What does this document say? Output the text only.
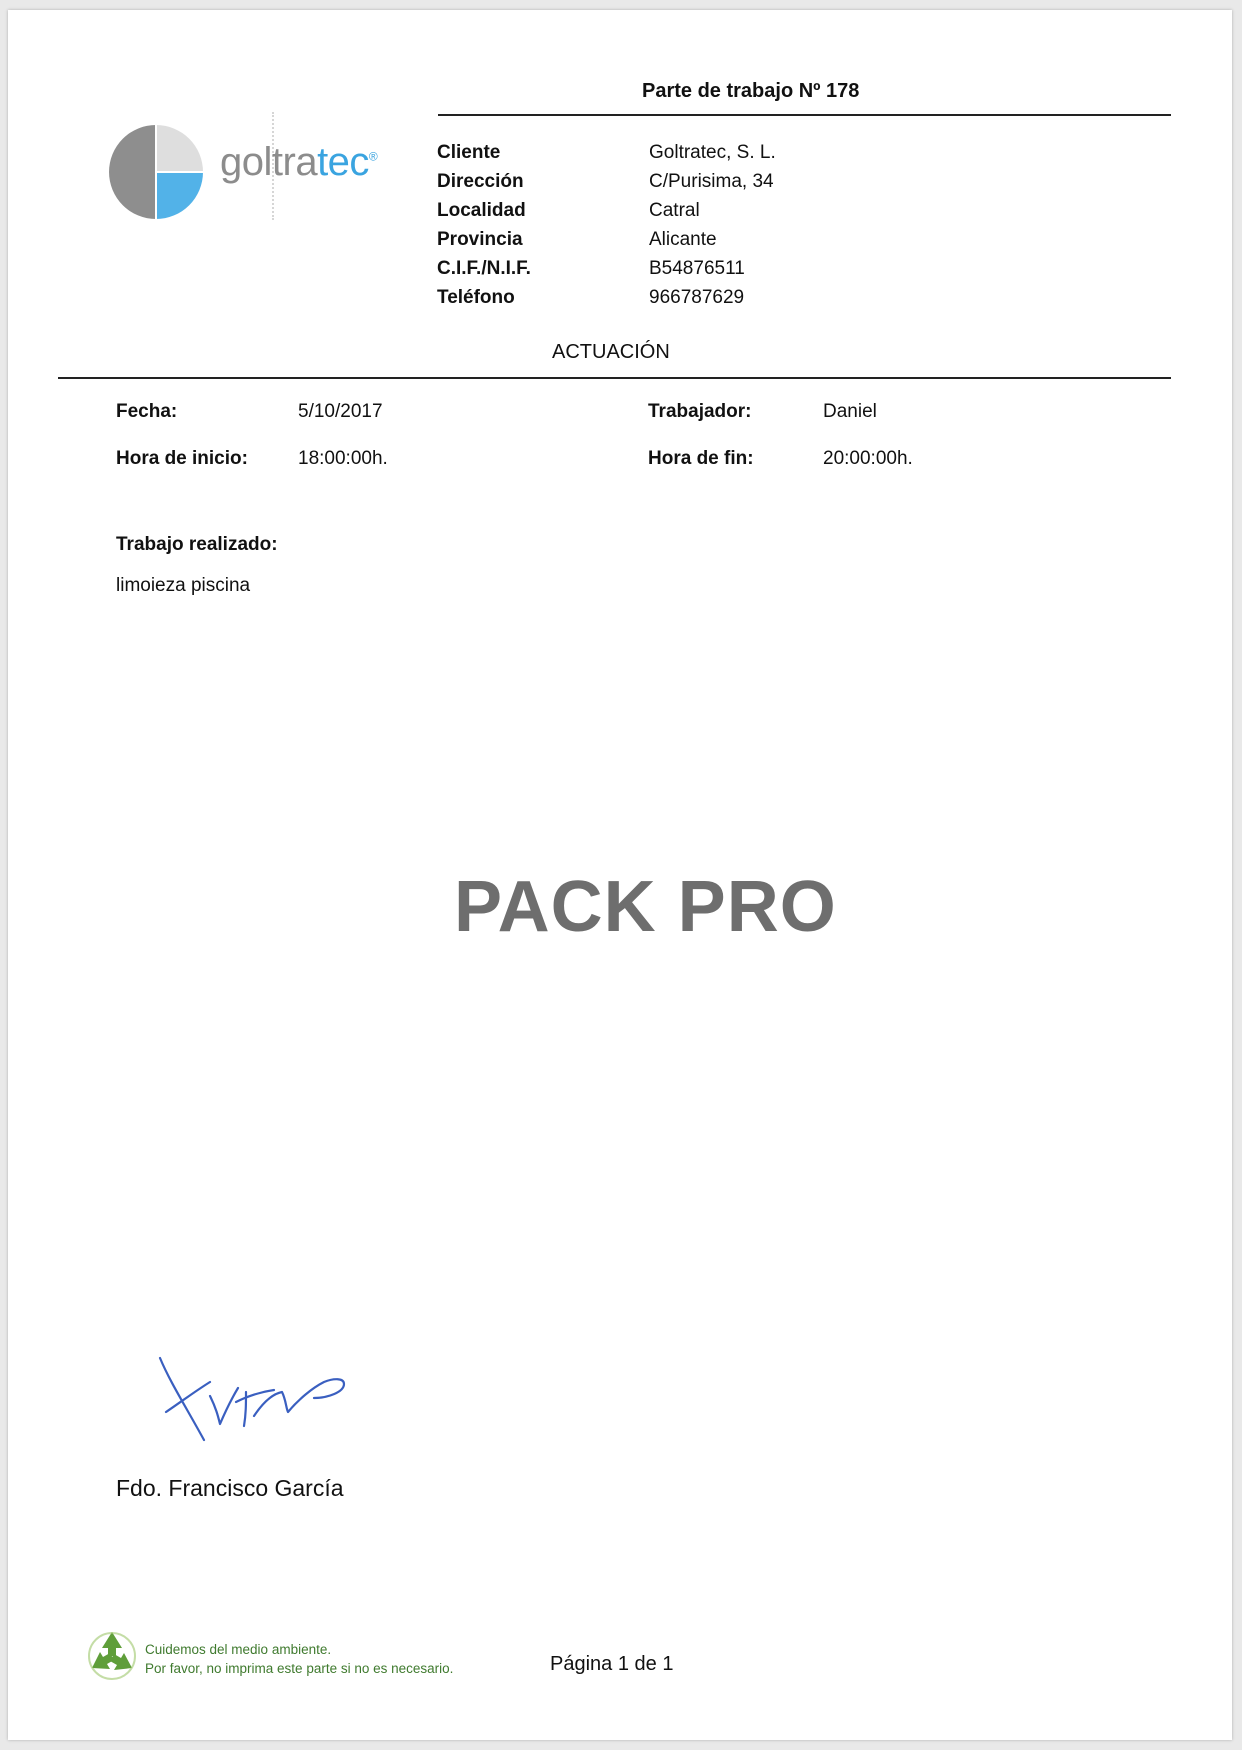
goltratec®
Parte de trabajo Nº 178
Cliente	Goltratec, S. L.
Dirección	C/Purisima, 34
Localidad	Catral
Provincia	Alicante
C.I.F./N.I.F.	B54876511
Teléfono	966787629
ACTUACIÓN
Fecha:	5/10/2017	Trabajador:	Daniel
Hora de inicio:	18:00:00h.	Hora de fin:	20:00:00h.
Trabajo realizado:
limoieza piscina
PACK PRO
Fdo. Francisco García
Cuidemos del medio ambiente.
Por favor, no imprima este parte si no es necesario.	Página 1 de 1
